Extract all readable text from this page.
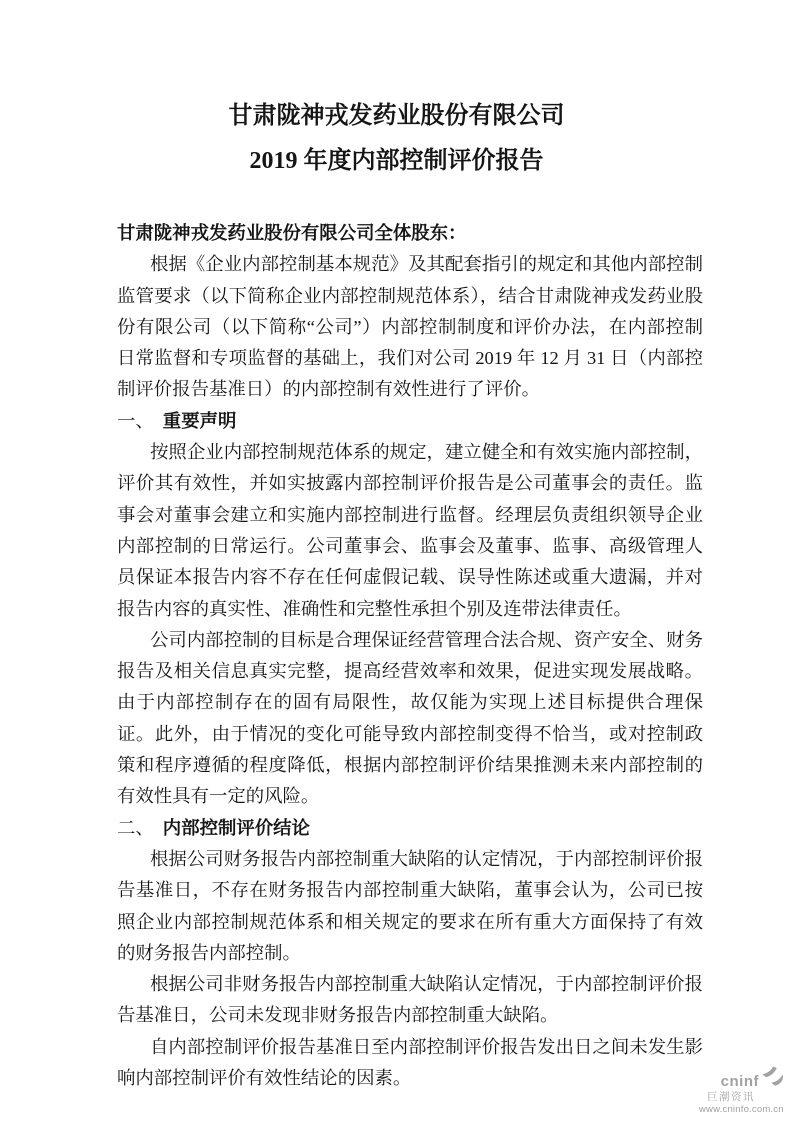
甘肃陇神戎发药业股份有限公司
2019 年度内部控制评价报告

甘肃陇神戎发药业股份有限公司全体股东：

根据《企业内部控制基本规范》及其配套指引的规定和其他内部控制监管要求（以下简称企业内部控制规范体系），结合甘肃陇神戎发药业股份有限公司（以下简称“公司”）内部控制制度和评价办法，在内部控制日常监督和专项监督的基础上，我们对公司 2019 年 12 月 31 日（内部控制评价报告基准日）的内部控制有效性进行了评价。

一、 重要声明

按照企业内部控制规范体系的规定，建立健全和有效实施内部控制，评价其有效性，并如实披露内部控制评价报告是公司董事会的责任。监事会对董事会建立和实施内部控制进行监督。经理层负责组织领导企业内部控制的日常运行。公司董事会、监事会及董事、监事、高级管理人员保证本报告内容不存在任何虚假记载、误导性陈述或重大遗漏，并对报告内容的真实性、准确性和完整性承担个别及连带法律责任。

公司内部控制的目标是合理保证经营管理合法合规、资产安全、财务报告及相关信息真实完整，提高经营效率和效果，促进实现发展战略。由于内部控制存在的固有局限性，故仅能为实现上述目标提供合理保证。此外，由于情况的变化可能导致内部控制变得不恰当，或对控制政策和程序遵循的程度降低，根据内部控制评价结果推测未来内部控制的有效性具有一定的风险。

二、 内部控制评价结论

根据公司财务报告内部控制重大缺陷的认定情况，于内部控制评价报告基准日，不存在财务报告内部控制重大缺陷，董事会认为，公司已按照企业内部控制规范体系和相关规定的要求在所有重大方面保持了有效的财务报告内部控制。

根据公司非财务报告内部控制重大缺陷认定情况，于内部控制评价报告基准日，公司未发现非财务报告内部控制重大缺陷。

自内部控制评价报告基准日至内部控制评价报告发出日之间未发生影响内部控制评价有效性结论的因素。	cninf
巨潮资讯
www.cninfo.com.cn
